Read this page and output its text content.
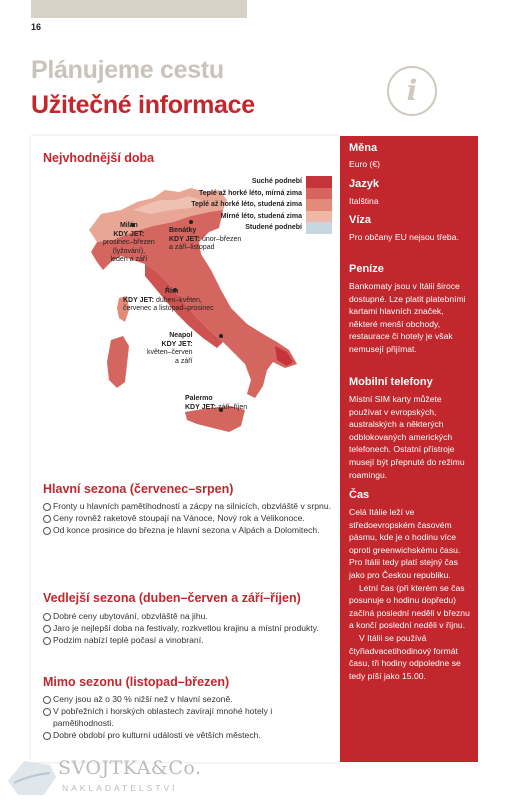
16
Plánujeme cestu
Užitečné informace	i
Nejvhodnější doba
Suché podnebí
Teplé až horké léto, mírná zima
Teplé až horké léto, studená zima
Mírné léto, studená zima
Studené podnebí
Milán
KDY JET:
prosinec–březen
(lyžování),
leden a září
Benátky
KDY JET: únor–březen
a září–listopad
Řím
KDY JET: duben–květen,
červenec a listopad–prosinec
Neapol
KDY JET:
květen–červen
a září
Palermo
KDY JET: září–říjen
Hlavní sezona (červenec–srpen)
Fronty u hlavních pamětihodností a zácpy na silnicích, obzvláště v srpnu.
Ceny rovněž raketově stoupají na Vánoce, Nový rok a Velikonoce.
Od konce prosince do března je hlavní sezona v Alpách a Dolomitech.
Vedlejší sezona (duben–červen a září–říjen)
Dobré ceny ubytování, obzvláště na jihu.
Jaro je nejlepší doba na festivaly, rozkvetlou krajinu a místní produkty.
Podzim nabízí teplé počasí a vinobraní.
Mimo sezonu (listopad–březen)
Ceny jsou až o 30 % nižší než v hlavní sezoně.
V pobřežních i horských oblastech zavírají mnohé hotely i pamětihodnosti.
Dobré období pro kulturní události ve větších městech.
Měna
Euro (€)
Jazyk
Italština
Víza
Pro občany EU nejsou třeba.
Peníze
Bankomaty jsou v Itálii široce dostupné. Lze platit platebními kartami hlavních značek, některé menší obchody, restaurace či hotely je však nemusejí přijímat.
Mobilní telefony
Místní SIM karty můžete používat v evropských, australských a některých odblokovaných amerických telefonech. Ostatní přístroje musejí být přepnuté do režimu roamingu.
Čas
Celá Itálie leží ve středoevropském časovém pásmu, kde je o hodinu více oproti greenwichskému času. Pro Itálii tedy platí stejný čas jako pro Českou republiku.
Letní čas (při kterém se čas posunuje o hodinu dopředu) začíná poslední neděli v březnu a končí poslední neděli v říjnu.
V Itálii se používá čtyřiadvacetihodinový formát času, tři hodiny odpoledne se tedy píší jako 15.00.
SVOJTKA&Co.
NAKLADATELSTVÍ
